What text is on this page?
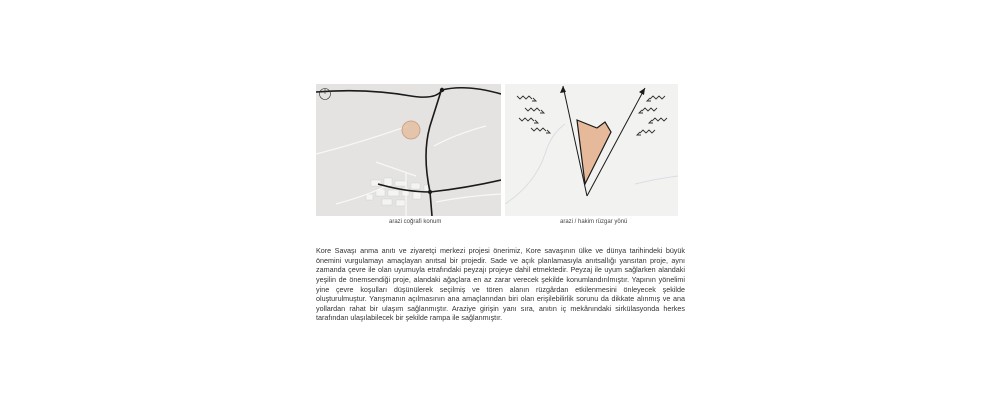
arazi coğrafi konum	arazi / hakim rüzgar yönü

Kore Savaşı anma anıtı ve ziyaretçi merkezi projesi önerimiz, Kore savaşının ülke ve dünya tarihindeki büyük önemini vurgulamayı amaçlayan anıtsal bir projedir. Sade ve açık planlamasıyla anıtsallığı yansıtan proje, aynı zamanda çevre ile olan uyumuyla etrafındaki peyzajı projeye dahil etmektedir. Peyzaj ile uyum sağlarken alandaki yeşilin de önemsendiği proje, alandaki ağaçlara en az zarar verecek şekilde konumlandırılmıştır. Yapının yönelimi yine çevre koşulları düşünülerek seçilmiş ve tören alanın rüzgârdan etkilenmesini önleyecek şekilde oluşturulmuştur. Yarışmanın açılmasının ana amaçlarından biri olan erişilebilirlik sorunu da dikkate alınmış ve ana yollardan rahat bir ulaşım sağlanmıştır. Araziye girişin yanı sıra, anıtın iç mekânındaki sirkülasyonda herkes tarafından ulaşılabilecek bir şekilde rampa ile sağlanmıştır.
